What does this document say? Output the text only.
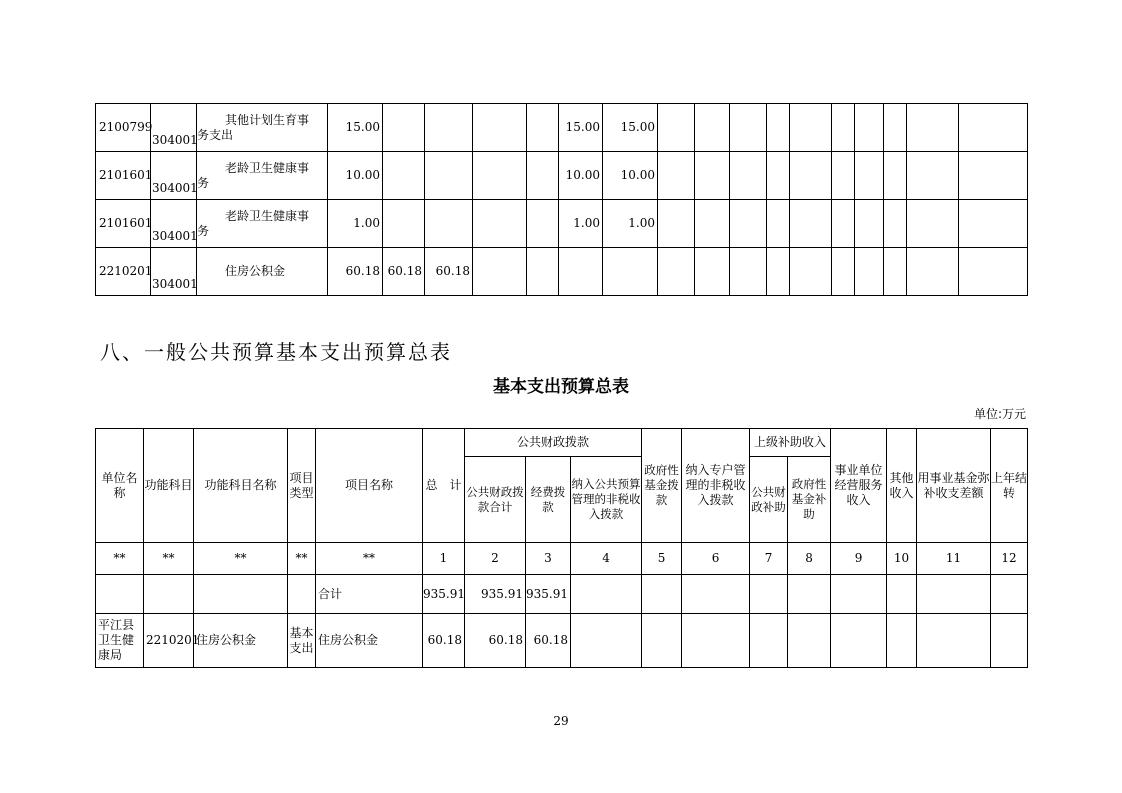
2100799	304001	其他计划生育事
务支出	15.00					15.00	15.00										
2101601	304001	老龄卫生健康事
务	10.00					10.00	10.00										
2101601	304001	老龄卫生健康事
务	1.00					1.00	1.00										
2210201	304001	住房公积金	60.18	60.18	60.18														
八、一般公共预算基本支出预算总表
基本支出预算总表
单位:万元
单位名称	功能科目	功能科目名称	项目类型	项目名称	总　计	公共财政拨款			政府性基金拨款	纳入专户管理的非税收入拨款	上级补助收入		事业单位经营服务收入	其他收入	用事业基金弥补收支差额	上年结转
						公共财政拨款合计	经费拨款	纳入公共预算管理的非税收入拨款			公共财政补助	政府性基金补助				
**	**	**	**	**	1	2	3	4	5	6	7	8	9	10	11	12
				合计	935.91	935.91	935.91									
平江县卫生健康局	2210201	住房公积金	基本支出	住房公积金	60.18	60.18	60.18									
29
